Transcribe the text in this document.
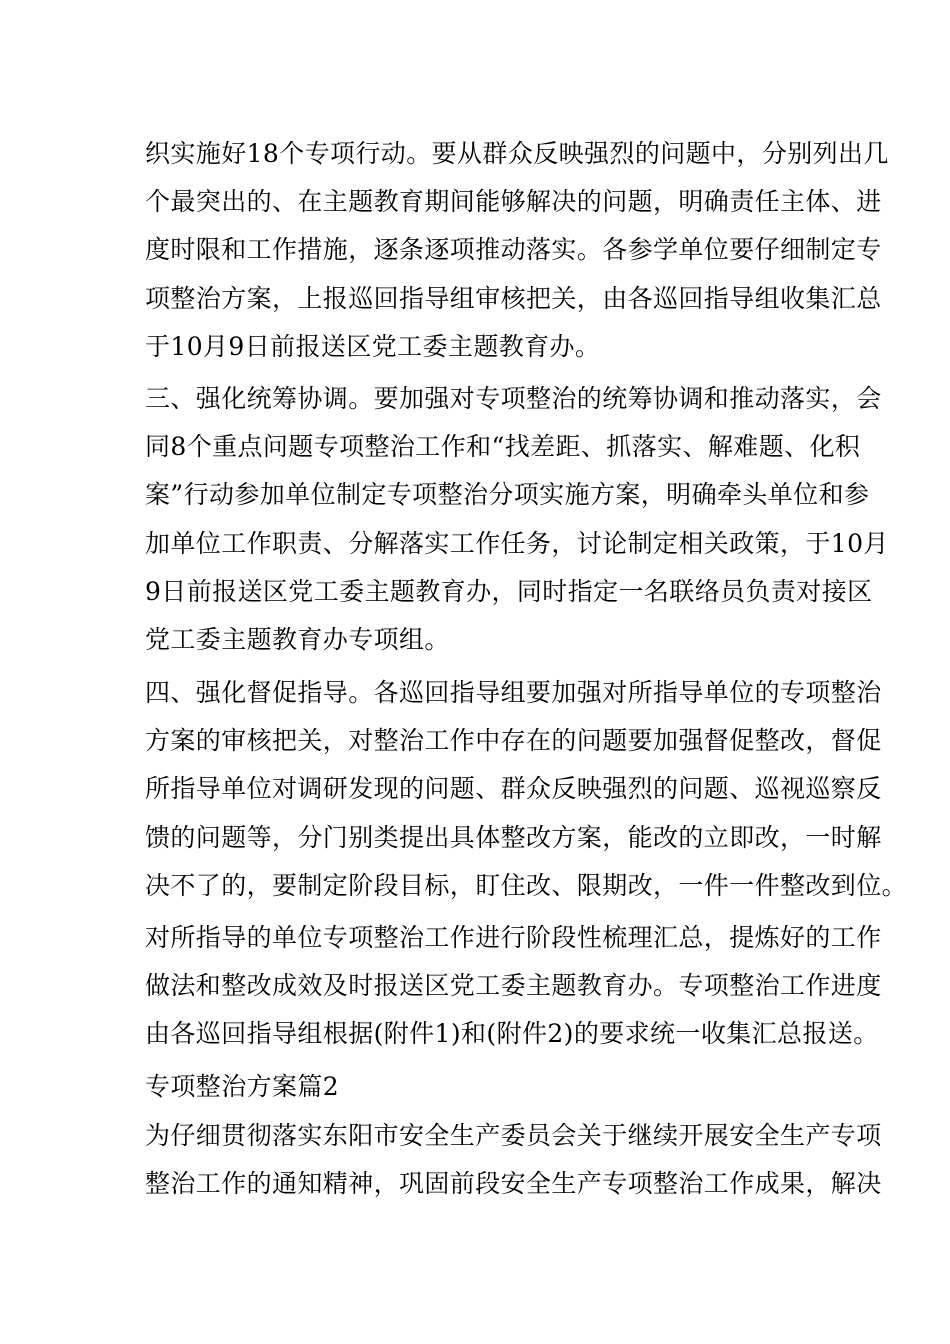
织实施好18个专项行动。要从群众反映强烈的问题中，分别列出几
个最突出的、在主题教育期间能够解决的问题，明确责任主体、进
度时限和工作措施，逐条逐项推动落实。各参学单位要仔细制定专
项整治方案，上报巡回指导组审核把关，由各巡回指导组收集汇总
于10月9日前报送区党工委主题教育办。
三、强化统筹协调。要加强对专项整治的统筹协调和推动落实，会
同8个重点问题专项整治工作和“找差距、抓落实、解难题、化积
案”行动参加单位制定专项整治分项实施方案，明确牵头单位和参
加单位工作职责、分解落实工作任务，讨论制定相关政策，于10月
9日前报送区党工委主题教育办，同时指定一名联络员负责对接区
党工委主题教育办专项组。
四、强化督促指导。各巡回指导组要加强对所指导单位的专项整治
方案的审核把关，对整治工作中存在的问题要加强督促整改，督促
所指导单位对调研发现的问题、群众反映强烈的问题、巡视巡察反
馈的问题等，分门别类提出具体整改方案，能改的立即改，一时解
决不了的，要制定阶段目标，盯住改、限期改，一件一件整改到位。
对所指导的单位专项整治工作进行阶段性梳理汇总，提炼好的工作
做法和整改成效及时报送区党工委主题教育办。专项整治工作进度
由各巡回指导组根据(附件1)和(附件2)的要求统一收集汇总报送。
专项整治方案篇2
为仔细贯彻落实东阳市安全生产委员会关于继续开展安全生产专项
整治工作的通知精神，巩固前段安全生产专项整治工作成果，解决
